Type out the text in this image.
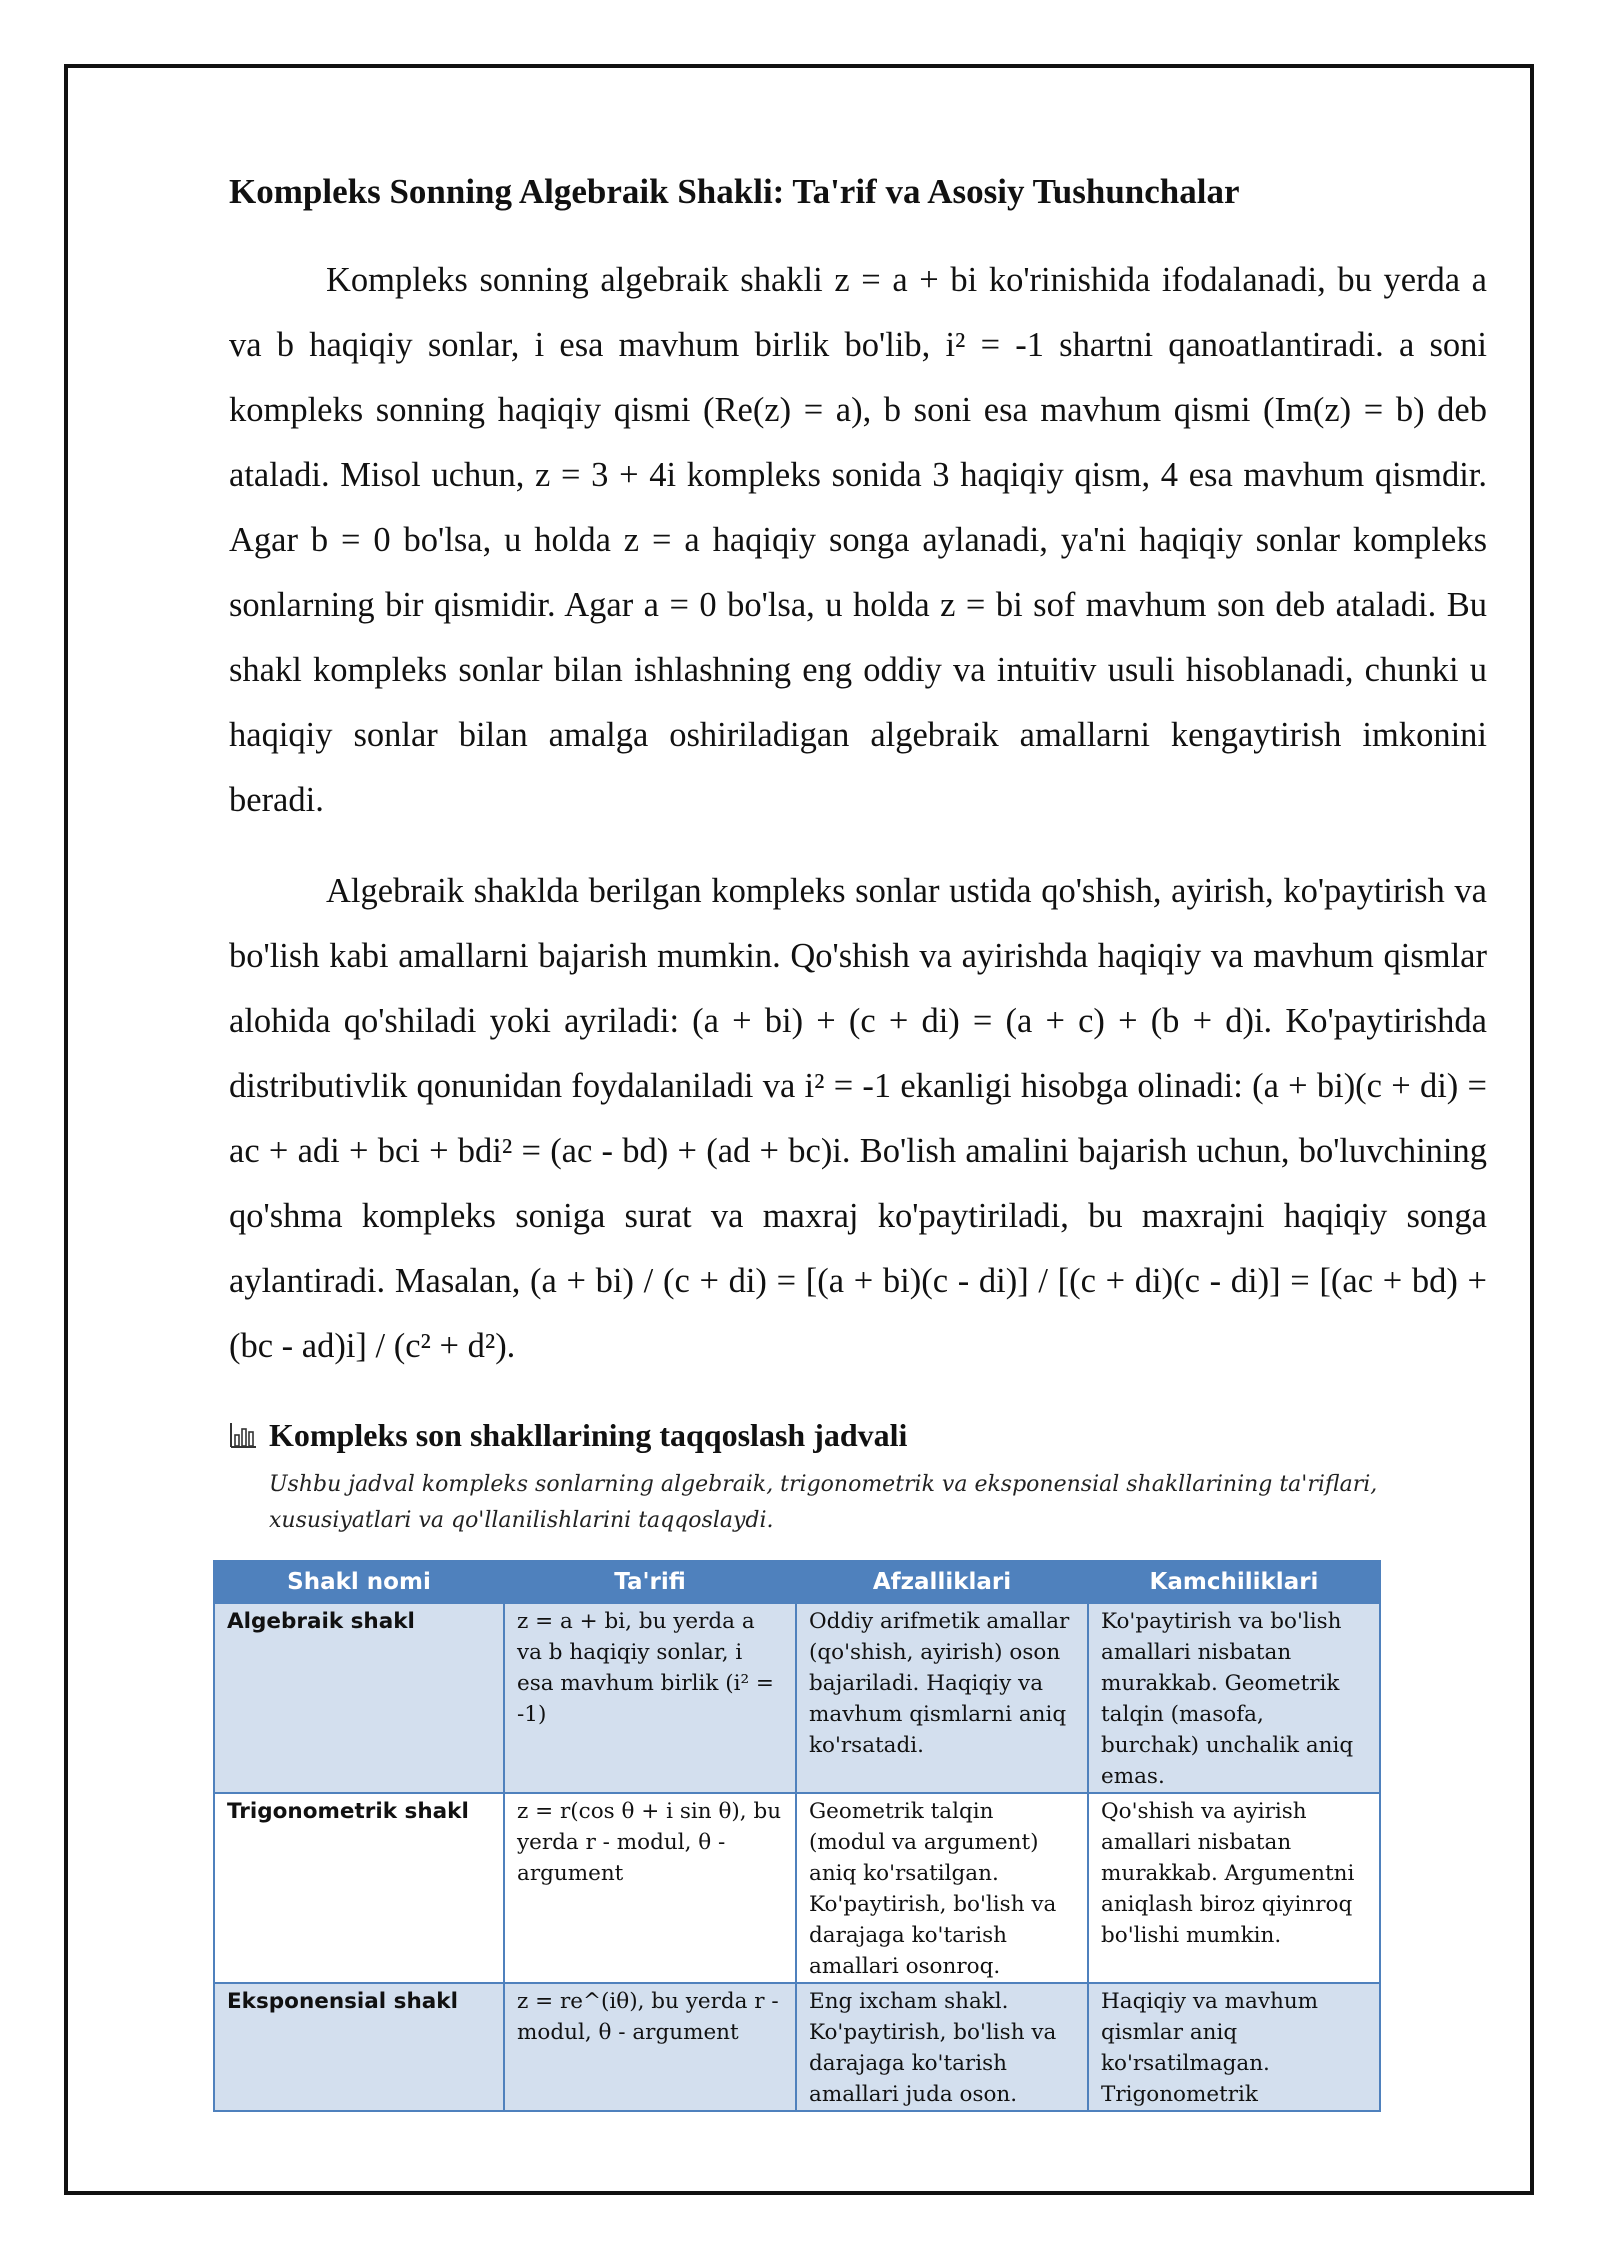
Kompleks Sonning Algebraik Shakli: Ta'rif va Asosiy Tushunchalar

Kompleks sonning algebraik shakli z = a + bi ko'rinishida ifodalanadi, bu yerda a va b haqiqiy sonlar, i esa mavhum birlik bo'lib, i² = -1 shartni qanoatlantiradi. a soni kompleks sonning haqiqiy qismi (Re(z) = a), b soni esa mavhum qismi (Im(z) = b) deb ataladi. Misol uchun, z = 3 + 4i kompleks sonida 3 haqiqiy qism, 4 esa mavhum qismdir. Agar b = 0 bo'lsa, u holda z = a haqiqiy songa aylanadi, ya'ni haqiqiy sonlar kompleks sonlarning bir qismidir. Agar a = 0 bo'lsa, u holda z = bi sof mavhum son deb ataladi. Bu shakl kompleks sonlar bilan ishlashning eng oddiy va intuitiv usuli hisoblanadi, chunki u haqiqiy sonlar bilan amalga oshiriladigan algebraik amallarni kengaytirish imkonini beradi.

Algebraik shaklda berilgan kompleks sonlar ustida qo'shish, ayirish, ko'paytirish va bo'lish kabi amallarni bajarish mumkin. Qo'shish va ayirishda haqiqiy va mavhum qismlar alohida qo'shiladi yoki ayriladi: (a + bi) + (c + di) = (a + c) + (b + d)i. Ko'paytirishda distributivlik qonunidan foydalaniladi va i² = -1 ekanligi hisobga olinadi: (a + bi)(c + di) = ac + adi + bci + bdi² = (ac - bd) + (ad + bc)i. Bo'lish amalini bajarish uchun, bo'luvchining qo'shma kompleks soniga surat va maxraj ko'paytiriladi, bu maxrajni haqiqiy songa aylantiradi. Masalan, (a + bi) / (c + di) = [(a + bi)(c - di)] / [(c + di)(c - di)] = [(ac + bd) + (bc - ad)i] / (c² + d²).

Kompleks son shakllarining taqqoslash jadvali
Ushbu jadval kompleks sonlarning algebraik, trigonometrik va eksponensial shakllarining ta'riflari, xususiyatlari va qo'llanilishlarini taqqoslaydi.
Shakl nomi	Ta'rifi	Afzalliklari	Kamchiliklari
Algebraik shakl	z = a + bi, bu yerda a va b haqiqiy sonlar, i esa mavhum birlik (i² = -1)	Oddiy arifmetik amallar (qo'shish, ayirish) oson bajariladi. Haqiqiy va mavhum qismlarni aniq ko'rsatadi.	Ko'paytirish va bo'lish amallari nisbatan murakkab. Geometrik talqin (masofa, burchak) unchalik aniq emas.
Trigonometrik shakl	z = r(cos θ + i sin θ), bu yerda r - modul, θ - argument	Geometrik talqin (modul va argument) aniq ko'rsatilgan. Ko'paytirish, bo'lish va darajaga ko'tarish amallari osonroq.	Qo'shish va ayirish amallari nisbatan murakkab. Argumentni aniqlash biroz qiyinroq bo'lishi mumkin.
Eksponensial shakl	z = re^(iθ), bu yerda r - modul, θ - argument	Eng ixcham shakl. Ko'paytirish, bo'lish va darajaga ko'tarish amallari juda oson.	Haqiqiy va mavhum qismlar aniq ko'rsatilmagan. Trigonometrik
